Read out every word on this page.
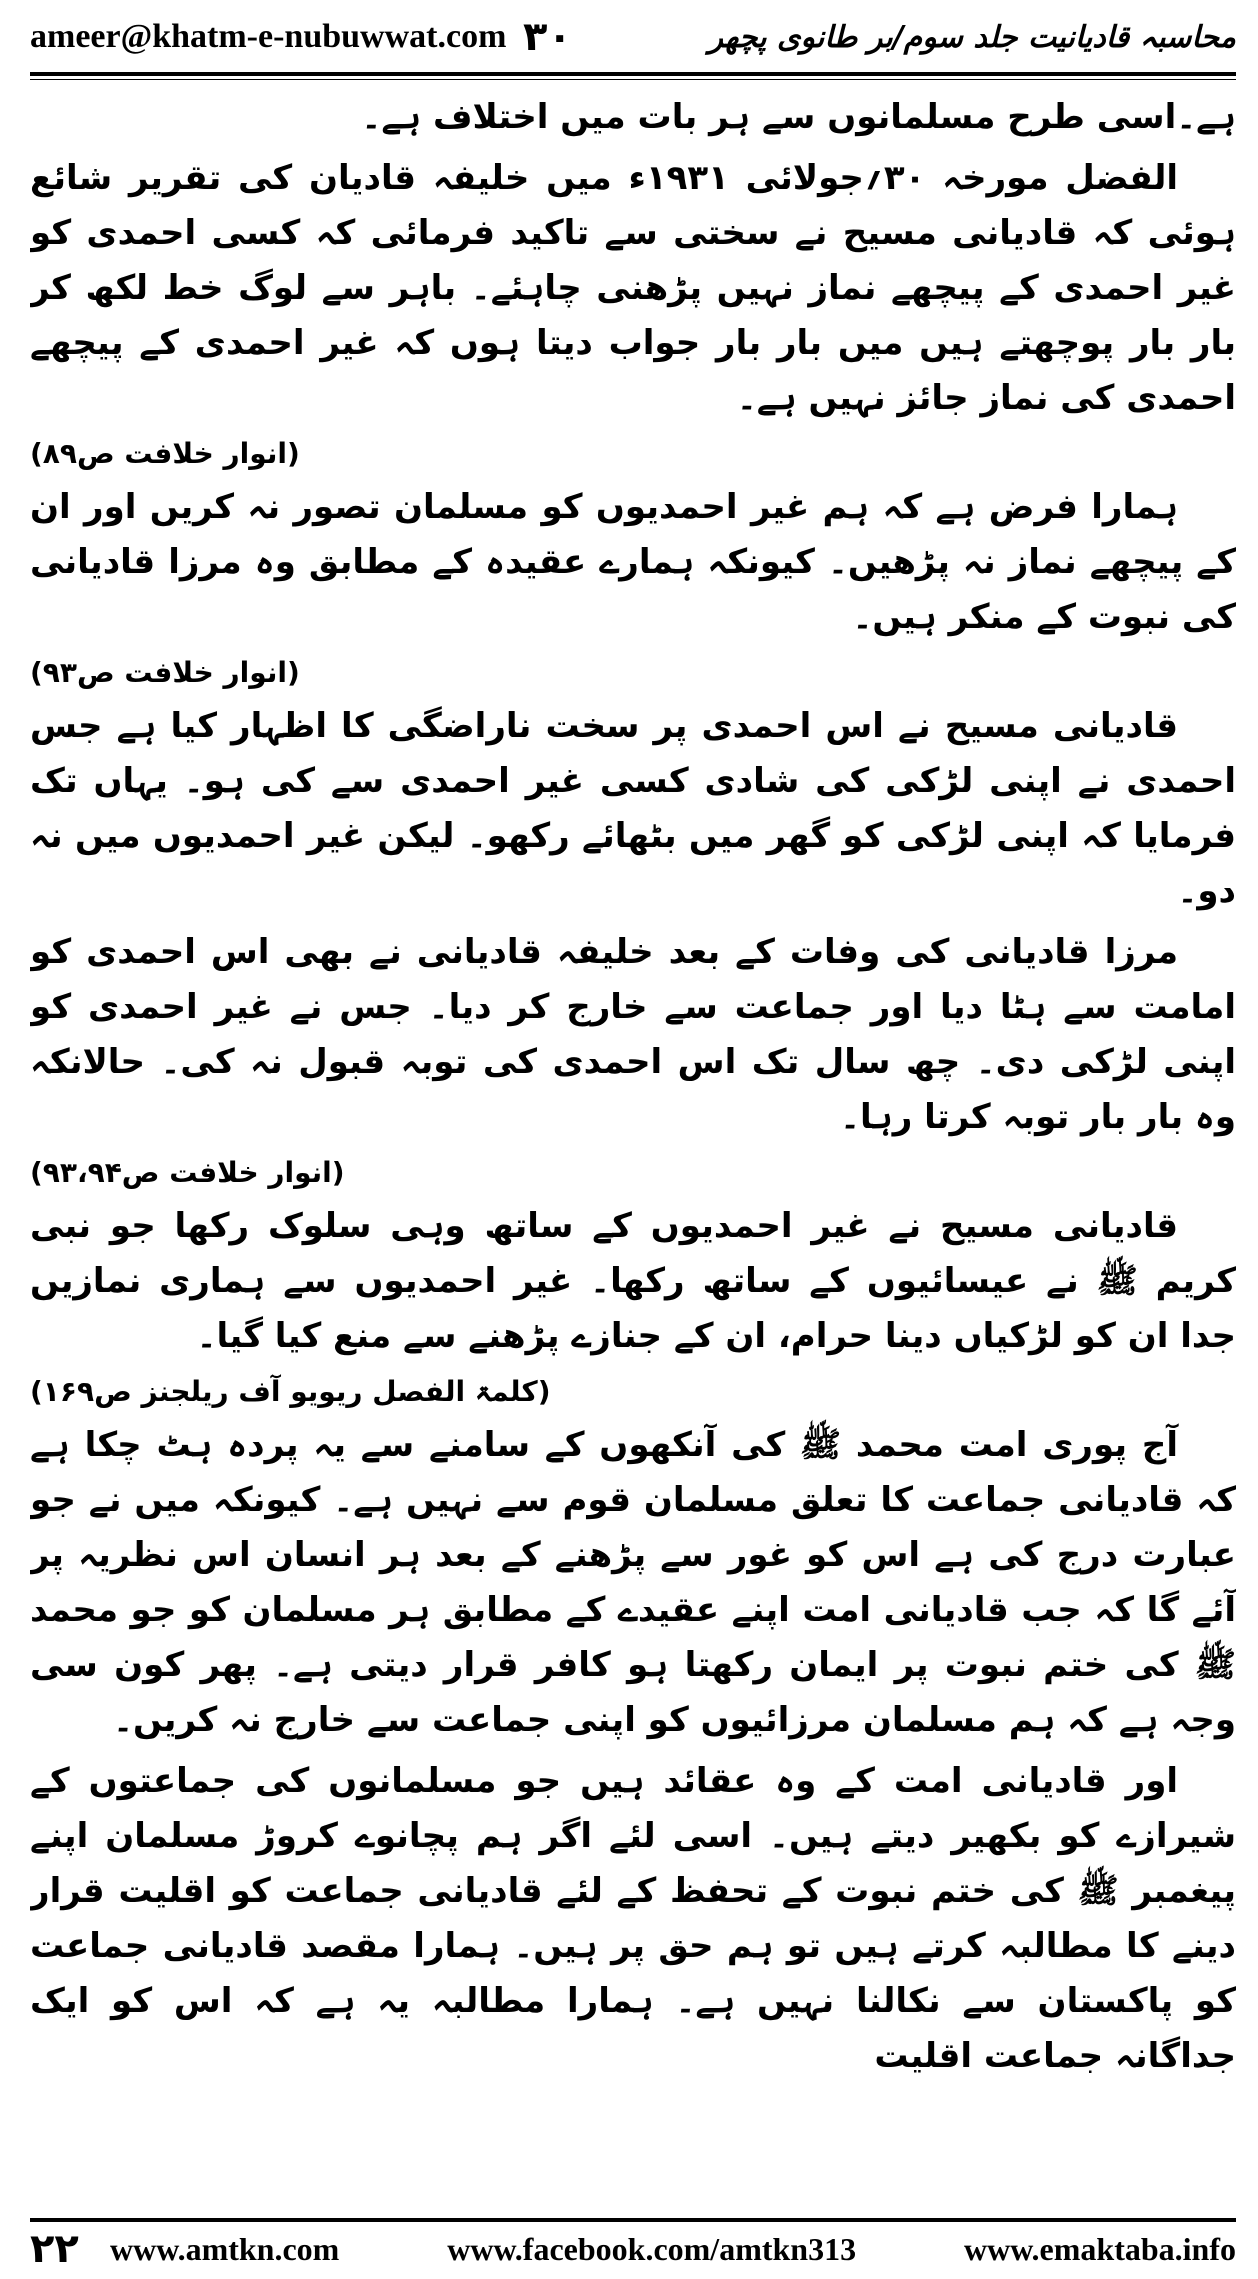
ameer@khatm-e-nubuwwat.com ۳۰	محاسبہ قادیانیت جلد سوم/بر طانوی پچھر

ہے۔اسی طرح مسلمانوں سے ہر بات میں اختلاف ہے۔

الفضل مورخہ ۳۰؍جولائی ۱۹۳۱ء میں خلیفہ قادیان کی تقریر شائع ہوئی کہ قادیانی مسیح نے سختی سے تاکید فرمائی کہ کسی احمدی کو غیر احمدی کے پیچھے نماز نہیں پڑھنی چاہئے۔ باہر سے لوگ خط لکھ کر بار بار پوچھتے ہیں میں بار بار جواب دیتا ہوں کہ غیر احمدی کے پیچھے احمدی کی نماز جائز نہیں ہے۔

(انوار خلافت ص۸۹)

ہمارا فرض ہے کہ ہم غیر احمدیوں کو مسلمان تصور نہ کریں اور ان کے پیچھے نماز نہ پڑھیں۔ کیونکہ ہمارے عقیدہ کے مطابق وہ مرزا قادیانی کی نبوت کے منکر ہیں۔

(انوار خلافت ص۹۳)

قادیانی مسیح نے اس احمدی پر سخت ناراضگی کا اظہار کیا ہے جس احمدی نے اپنی لڑکی کی شادی کسی غیر احمدی سے کی ہو۔ یہاں تک فرمایا کہ اپنی لڑکی کو گھر میں بٹھائے رکھو۔ لیکن غیر احمدیوں میں نہ دو۔

مرزا قادیانی کی وفات کے بعد خلیفہ قادیانی نے بھی اس احمدی کو امامت سے ہٹا دیا اور جماعت سے خارج کر دیا۔ جس نے غیر احمدی کو اپنی لڑکی دی۔ چھ سال تک اس احمدی کی توبہ قبول نہ کی۔ حالانکہ وہ بار بار توبہ کرتا رہا۔

(انوار خلافت ص۹۳،۹۴)

قادیانی مسیح نے غیر احمدیوں کے ساتھ وہی سلوک رکھا جو نبی کریم ﷺ نے عیسائیوں کے ساتھ رکھا۔ غیر احمدیوں سے ہماری نمازیں جدا ان کو لڑکیاں دینا حرام، ان کے جنازے پڑھنے سے منع کیا گیا۔

(کلمۃ الفصل ریویو آف ریلجنز ص۱۶۹)

آج پوری امت محمد ﷺ کی آنکھوں کے سامنے سے یہ پردہ ہٹ چکا ہے کہ قادیانی جماعت کا تعلق مسلمان قوم سے نہیں ہے۔ کیونکہ میں نے جو عبارت درج کی ہے اس کو غور سے پڑھنے کے بعد ہر انسان اس نظریہ پر آئے گا کہ جب قادیانی امت اپنے عقیدے کے مطابق ہر مسلمان کو جو محمد ﷺ کی ختم نبوت پر ایمان رکھتا ہو کافر قرار دیتی ہے۔ پھر کون سی وجہ ہے کہ ہم مسلمان مرزائیوں کو اپنی جماعت سے خارج نہ کریں۔

اور قادیانی امت کے وہ عقائد ہیں جو مسلمانوں کی جماعتوں کے شیرازے کو بکھیر دیتے ہیں۔ اسی لئے اگر ہم پچانوے کروڑ مسلمان اپنے پیغمبر ﷺ کی ختم نبوت کے تحفظ کے لئے قادیانی جماعت کو اقلیت قرار دینے کا مطالبہ کرتے ہیں تو ہم حق پر ہیں۔ ہمارا مقصد قادیانی جماعت کو پاکستان سے نکالنا نہیں ہے۔ ہمارا مطالبہ یہ ہے کہ اس کو ایک جداگانہ جماعت اقلیت

۲۲ www.amtkn.com	www.facebook.com/amtkn313	www.emaktaba.info
